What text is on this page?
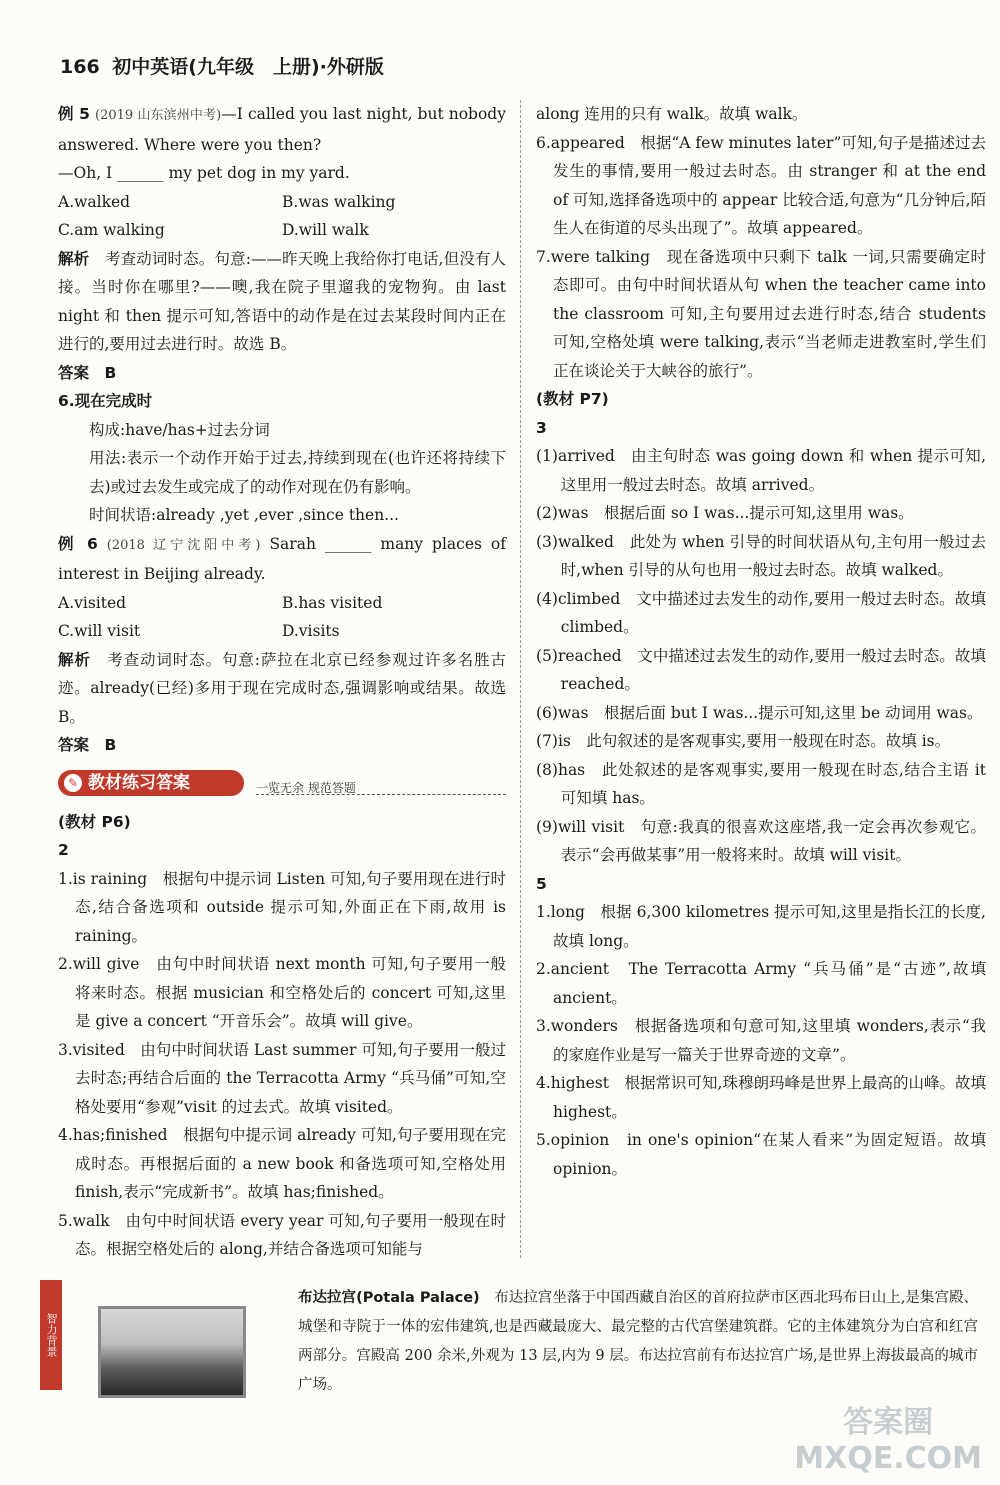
166 初中英语(九年级　上册)·外研版

例 5 (2019 山东滨州中考)—I called you last night, but nobody answered. Where were you then?

—Oh, I ______ my pet dog in my yard.

A.walked	B.was walking
C.am walking	D.will walk

解析　 考查动词时态。句意:——昨天晚上我给你打电话,但没有人接。当时你在哪里?——噢,我在院子里遛我的宠物狗。由 last night 和 then 提示可知,答语中的动作是在过去某段时间内正在进行的,要用过去进行时。故选 B。

答案　 B

6.现在完成时

构成:have/has+过去分词

用法:表示一个动作开始于过去,持续到现在(也许还将持续下去)或过去发生或完成了的动作对现在仍有影响。

时间状语:already ,yet ,ever ,since then...

例 6 (2018 辽宁沈阳中考) Sarah ______ many places of interest in Beijing already.

A.visited	B.has visited
C.will visit	D.visits

解析　 考查动词时态。句意:萨拉在北京已经参观过许多名胜古迹。already(已经)多用于现在完成时态,强调影响或结果。故选 B。

答案　 B

✎ 教材练习答案	一览无余 规范答题

(教材 P6)

2

1.is raining　根据句中提示词 Listen 可知,句子要用现在进行时态,结合备选项和 outside 提示可知,外面正在下雨,故用 is raining。

2.will give　由句中时间状语 next month 可知,句子要用一般将来时态。根据 musician 和空格处后的 concert 可知,这里是 give a concert “开音乐会”。故填 will give。

3.visited　由句中时间状语 Last summer 可知,句子要用一般过去时态;再结合后面的 the Terracotta Army “兵马俑”可知,空格处要用“参观”visit 的过去式。故填 visited。

4.has;finished　根据句中提示词 already 可知,句子要用现在完成时态。再根据后面的 a new book 和备选项可知,空格处用 finish,表示“完成新书”。故填 has;finished。

5.walk　由句中时间状语 every year 可知,句子要用一般现在时态。根据空格处后的 along,并结合备选项可知能与

along 连用的只有 walk。故填 walk。

6.appeared　根据“A few minutes later”可知,句子是描述过去发生的事情,要用一般过去时态。由 stranger 和 at the end of 可知,选择备选项中的 appear 比较合适,句意为“几分钟后,陌生人在街道的尽头出现了”。故填 appeared。

7.were talking　现在备选项中只剩下 talk 一词,只需要确定时态即可。由句中时间状语从句 when the teacher came into the classroom 可知,主句要用过去进行时态,结合 students 可知,空格处填 were talking,表示“当老师走进教室时,学生们正在谈论关于大峡谷的旅行”。

(教材 P7)

3

(1)arrived　由主句时态 was going down 和 when 提示可知,这里用一般过去时态。故填 arrived。

(2)was　根据后面 so I was...提示可知,这里用 was。

(3)walked　此处为 when 引导的时间状语从句,主句用一般过去时,when 引导的从句也用一般过去时态。故填 walked。

(4)climbed　文中描述过去发生的动作,要用一般过去时态。故填 climbed。

(5)reached　文中描述过去发生的动作,要用一般过去时态。故填 reached。

(6)was　根据后面 but I was...提示可知,这里 be 动词用 was。

(7)is　此句叙述的是客观事实,要用一般现在时态。故填 is。

(8)has　此处叙述的是客观事实,要用一般现在时态,结合主语 it 可知填 has。

(9)will visit　句意:我真的很喜欢这座塔,我一定会再次参观它。表示“会再做某事”用一般将来时。故填 will visit。

5

1.long　根据 6,300 kilometres 提示可知,这里是指长江的长度,故填 long。

2.ancient　The Terracotta Army “兵马俑”是“古迹”,故填 ancient。

3.wonders　根据备选项和句意可知,这里填 wonders,表示“我的家庭作业是写一篇关于世界奇迹的文章”。

4.highest　根据常识可知,珠穆朗玛峰是世界上最高的山峰。故填 highest。

5.opinion　in one's opinion“在某人看来”为固定短语。故填 opinion。

智力背景

布达拉宫(Potala Palace)　 布达拉宫坐落于中国西藏自治区的首府拉萨市区西北玛布日山上,是集宫殿、城堡和寺院于一体的宏伟建筑,也是西藏最庞大、最完整的古代宫堡建筑群。它的主体建筑分为白宫和红宫两部分。宫殿高 200 余米,外观为 13 层,内为 9 层。布达拉宫前有布达拉宫广场,是世界上海拔最高的城市广场。

答案圈
MXQE.COM
